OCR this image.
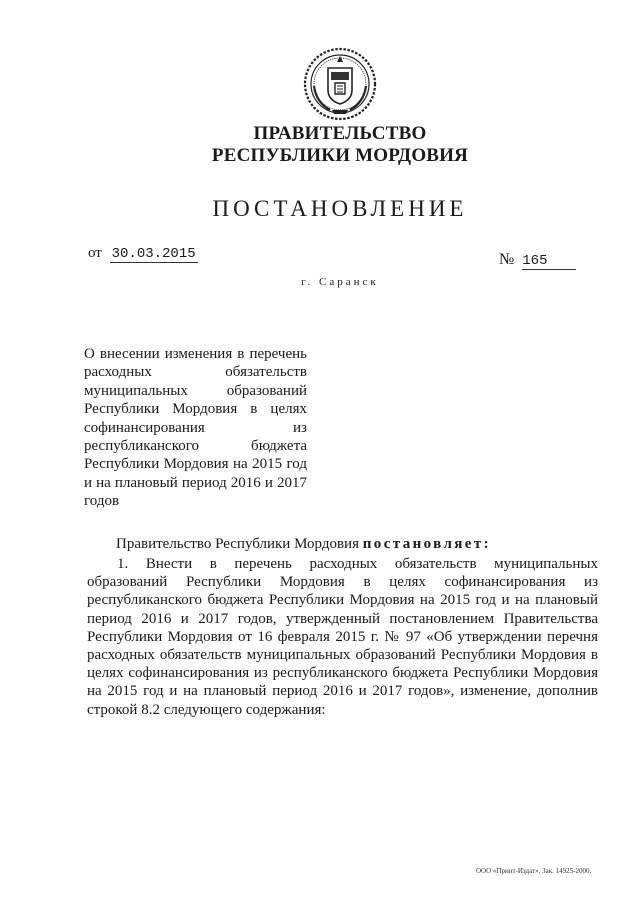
ПРАВИТЕЛЬСТВО
РЕСПУБЛИКИ МОРДОВИЯ
ПОСТАНОВЛЕНИЕ
от 30.03.2015	№ 165
г. Саранск
О внесении изменения в перечень
расходных обязательств
муниципальных образований
Республики Мордовия в целях
софинансирования из
республиканского бюджета
Республики Мордовия на 2015 год
и на плановый период 2016 и 2017
годов
Правительство Республики Мордовия постановляет:
1. Внести в перечень расходных обязательств муниципальных
образований Республики Мордовия в целях софинансирования из
республиканского бюджета Республики Мордовия на 2015 год и на плановый
период 2016 и 2017 годов, утвержденный постановлением Правительства
Республики Мордовия от 16 февраля 2015 г. № 97 «Об утверждении перечня
расходных обязательств муниципальных образований Республики Мордовия в
целях софинансирования из республиканского бюджета Республики Мордовия
на 2015 год и на плановый период 2016 и 2017 годов», изменение, дополнив
строкой 8.2 следующего содержания:
ООО «Принт-Издат». Зак. 14925-2000.
